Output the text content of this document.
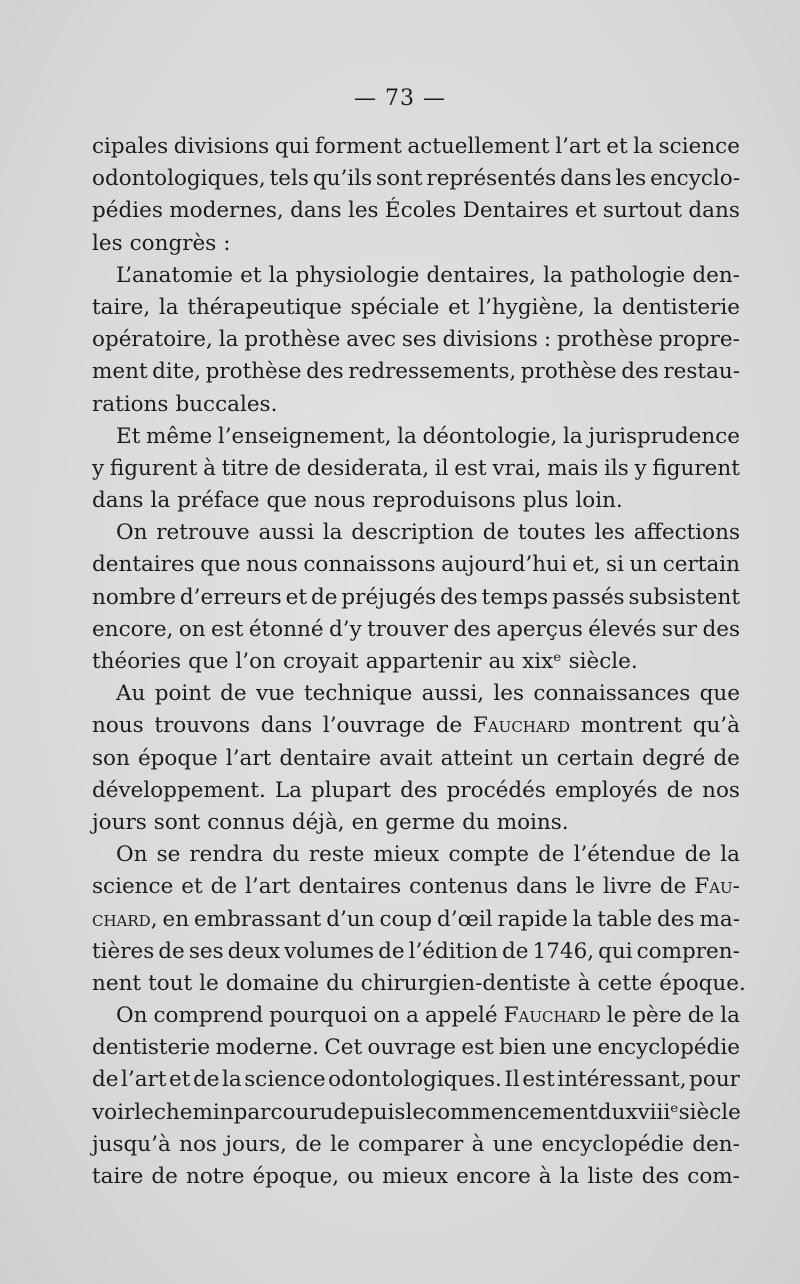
— 73 —
cipales divisions qui forment actuellement l’art et la science
odontologiques, tels qu’ils sont représentés dans les encyclo-
pédies modernes, dans les Écoles Dentaires et surtout dans
les congrès :
L’anatomie et la physiologie dentaires, la pathologie den-
taire, la thérapeutique spéciale et l’hygiène, la dentisterie
opératoire, la prothèse avec ses divisions : prothèse propre-
ment dite, prothèse des redressements, prothèse des restau-
rations buccales.
Et même l’enseignement, la déontologie, la jurisprudence
y figurent à titre de desiderata, il est vrai, mais ils y figurent
dans la préface que nous reproduisons plus loin.
On retrouve aussi la description de toutes les affections
dentaires que nous connaissons aujourd’hui et, si un certain
nombre d’erreurs et de préjugés des temps passés subsistent
encore, on est étonné d’y trouver des aperçus élevés sur des
théories que l’on croyait appartenir au xixᵉ siècle.
Au point de vue technique aussi, les connaissances que
nous trouvons dans l’ouvrage de Fauchard montrent qu’à
son époque l’art dentaire avait atteint un certain degré de
développement. La plupart des procédés employés de nos
jours sont connus déjà, en germe du moins.
On se rendra du reste mieux compte de l’étendue de la
science et de l’art dentaires contenus dans le livre de Fau-
chard, en embrassant d’un coup d’œil rapide la table des ma-
tières de ses deux volumes de l’édition de 1746, qui compren-
nent tout le domaine du chirurgien-dentiste à cette époque.
On comprend pourquoi on a appelé Fauchard le père de la
dentisterie moderne. Cet ouvrage est bien une encyclopédie
de l’art et de la science odontologiques. Il est intéressant, pour
voir le chemin parcouru depuis le commencement du xviiiᵉ siècle
jusqu’à nos jours, de le comparer à une encyclopédie den-
taire de notre époque, ou mieux encore à la liste des com-
